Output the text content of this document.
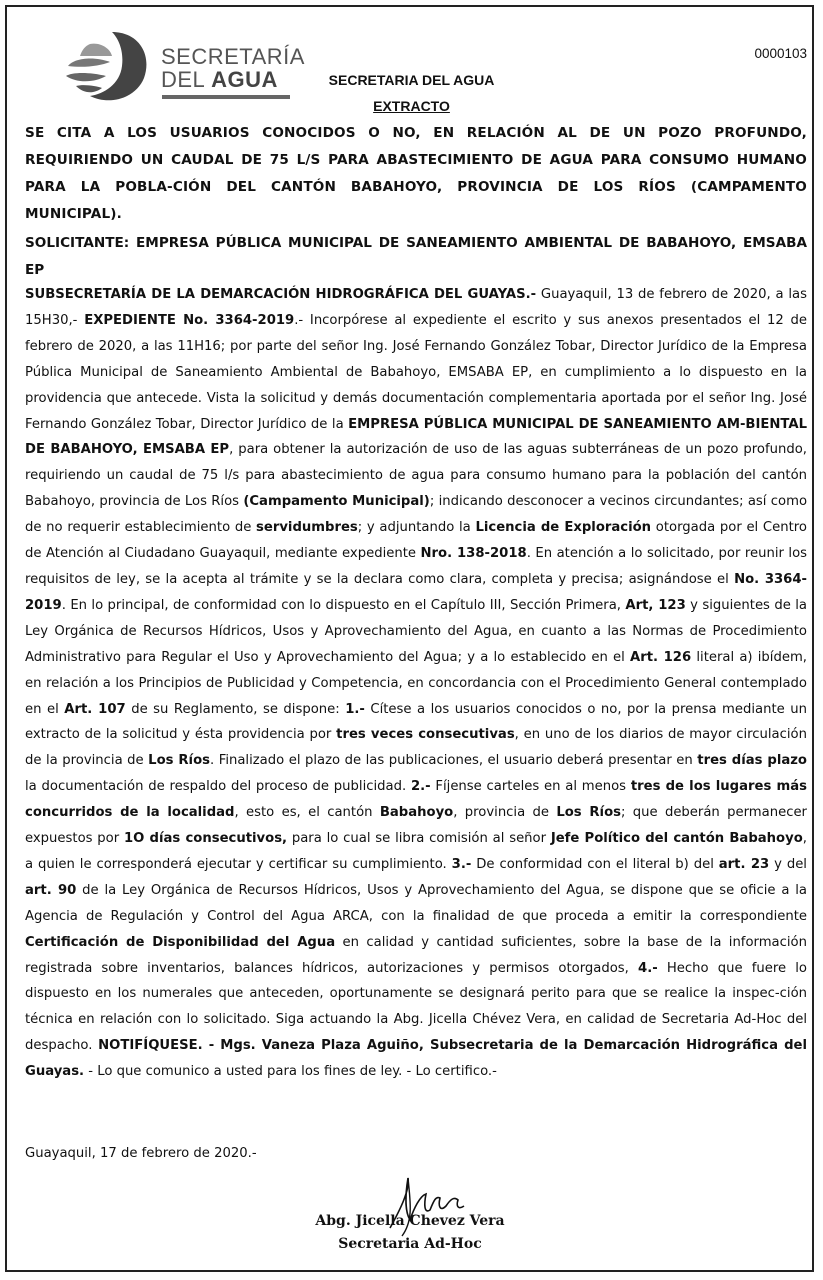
SECRETARÍA
DEL AGUA
0000103
SECRETARIA DEL AGUA
EXTRACTO
SE CITA A LOS USUARIOS CONOCIDOS O NO, EN RELACIÓN AL DE UN POZO PROFUNDO, REQUIRIENDO UN CAUDAL DE 75 L/S PARA ABASTECIMIENTO DE AGUA PARA CONSUMO HUMANO PARA LA POBLA-CIÓN DEL CANTÓN BABAHOYO, PROVINCIA DE LOS RÍOS (CAMPAMENTO MUNICIPAL).
SOLICITANTE: EMPRESA PÚBLICA MUNICIPAL DE SANEAMIENTO AMBIENTAL DE BABAHOYO, EMSABA EP
SUBSECRETARÍA DE LA DEMARCACIÓN HIDROGRÁFICA DEL GUAYAS.- Guayaquil, 13 de febrero de 2020, a las 15H30,- EXPEDIENTE No. 3364-2019.- Incorpórese al expediente el escrito y sus anexos presentados el 12 de febrero de 2020, a las 11H16; por parte del señor Ing. José Fernando González Tobar, Director Jurídico de la Empresa Pública Municipal de Saneamiento Ambiental de Babahoyo, EMSABA EP, en cumplimiento a lo dispuesto en la providencia que antecede. Vista la solicitud y demás documentación complementaria aportada por el señor Ing. José Fernando González Tobar, Director Jurídico de la EMPRESA PÚBLICA MUNICIPAL DE SANEAMIENTO AM-BIENTAL DE BABAHOYO, EMSABA EP, para obtener la autorización de uso de las aguas subterráneas de un pozo profundo, requiriendo un caudal de 75 l/s para abastecimiento de agua para consumo humano para la población del cantón Babahoyo, provincia de Los Ríos (Campamento Municipal); indicando desconocer a vecinos circundantes; así como de no requerir establecimiento de servidumbres; y adjuntando la Licencia de Exploración otorgada por el Centro de Atención al Ciudadano Guayaquil, mediante expediente Nro. 138-2018. En atención a lo solicitado, por reunir los requisitos de ley, se la acepta al trámite y se la declara como clara, completa y precisa; asignándose el No. 3364-2019. En lo principal, de conformidad con lo dispuesto en el Capítulo III, Sección Primera, Art, 123 y siguientes de la Ley Orgánica de Recursos Hídricos, Usos y Aprovechamiento del Agua, en cuanto a las Normas de Procedimiento Administrativo para Regular el Uso y Aprovechamiento del Agua; y a lo establecido en el Art. 126 literal a) ibídem, en relación a los Principios de Publicidad y Competencia, en concordancia con el Procedimiento General contemplado en el Art. 107 de su Reglamento, se dispone: 1.- Cítese a los usuarios conocidos o no, por la prensa mediante un extracto de la solicitud y ésta providencia por tres veces consecutivas, en uno de los diarios de mayor circulación de la provincia de Los Ríos. Finalizado el plazo de las publicaciones, el usuario deberá presentar en tres días plazo la documentación de respaldo del proceso de publicidad. 2.- Fíjense carteles en al menos tres de los lugares más concurridos de la localidad, esto es, el cantón Babahoyo, provincia de Los Ríos; que deberán permanecer expuestos por 1O días consecutivos, para lo cual se libra comisión al señor Jefe Político del cantón Babahoyo, a quien le corresponderá ejecutar y certificar su cumplimiento. 3.- De conformidad con el literal b) del art. 23 y del art. 90 de la Ley Orgánica de Recursos Hídricos, Usos y Aprovechamiento del Agua, se dispone que se oficie a la Agencia de Regulación y Control del Agua ARCA, con la finalidad de que proceda a emitir la correspondiente Certificación de Disponibilidad del Agua en calidad y cantidad suficientes, sobre la base de la información registrada sobre inventarios, balances hídricos, autorizaciones y permisos otorgados, 4.- Hecho que fuere lo dispuesto en los numerales que anteceden, oportunamente se designará perito para que se realice la inspec-ción técnica en relación con lo solicitado. Siga actuando la Abg. Jicella Chévez Vera, en calidad de Secretaria Ad-Hoc del despacho. NOTIFÍQUESE. - Mgs. Vaneza Plaza Aguiño, Subsecretaria de la Demarcación Hidrográfica del Guayas. - Lo que comunico a usted para los fines de ley. - Lo certifico.-
Guayaquil, 17 de febrero de 2020.-
Abg. Jicella Chevez Vera
Secretaria Ad-Hoc
